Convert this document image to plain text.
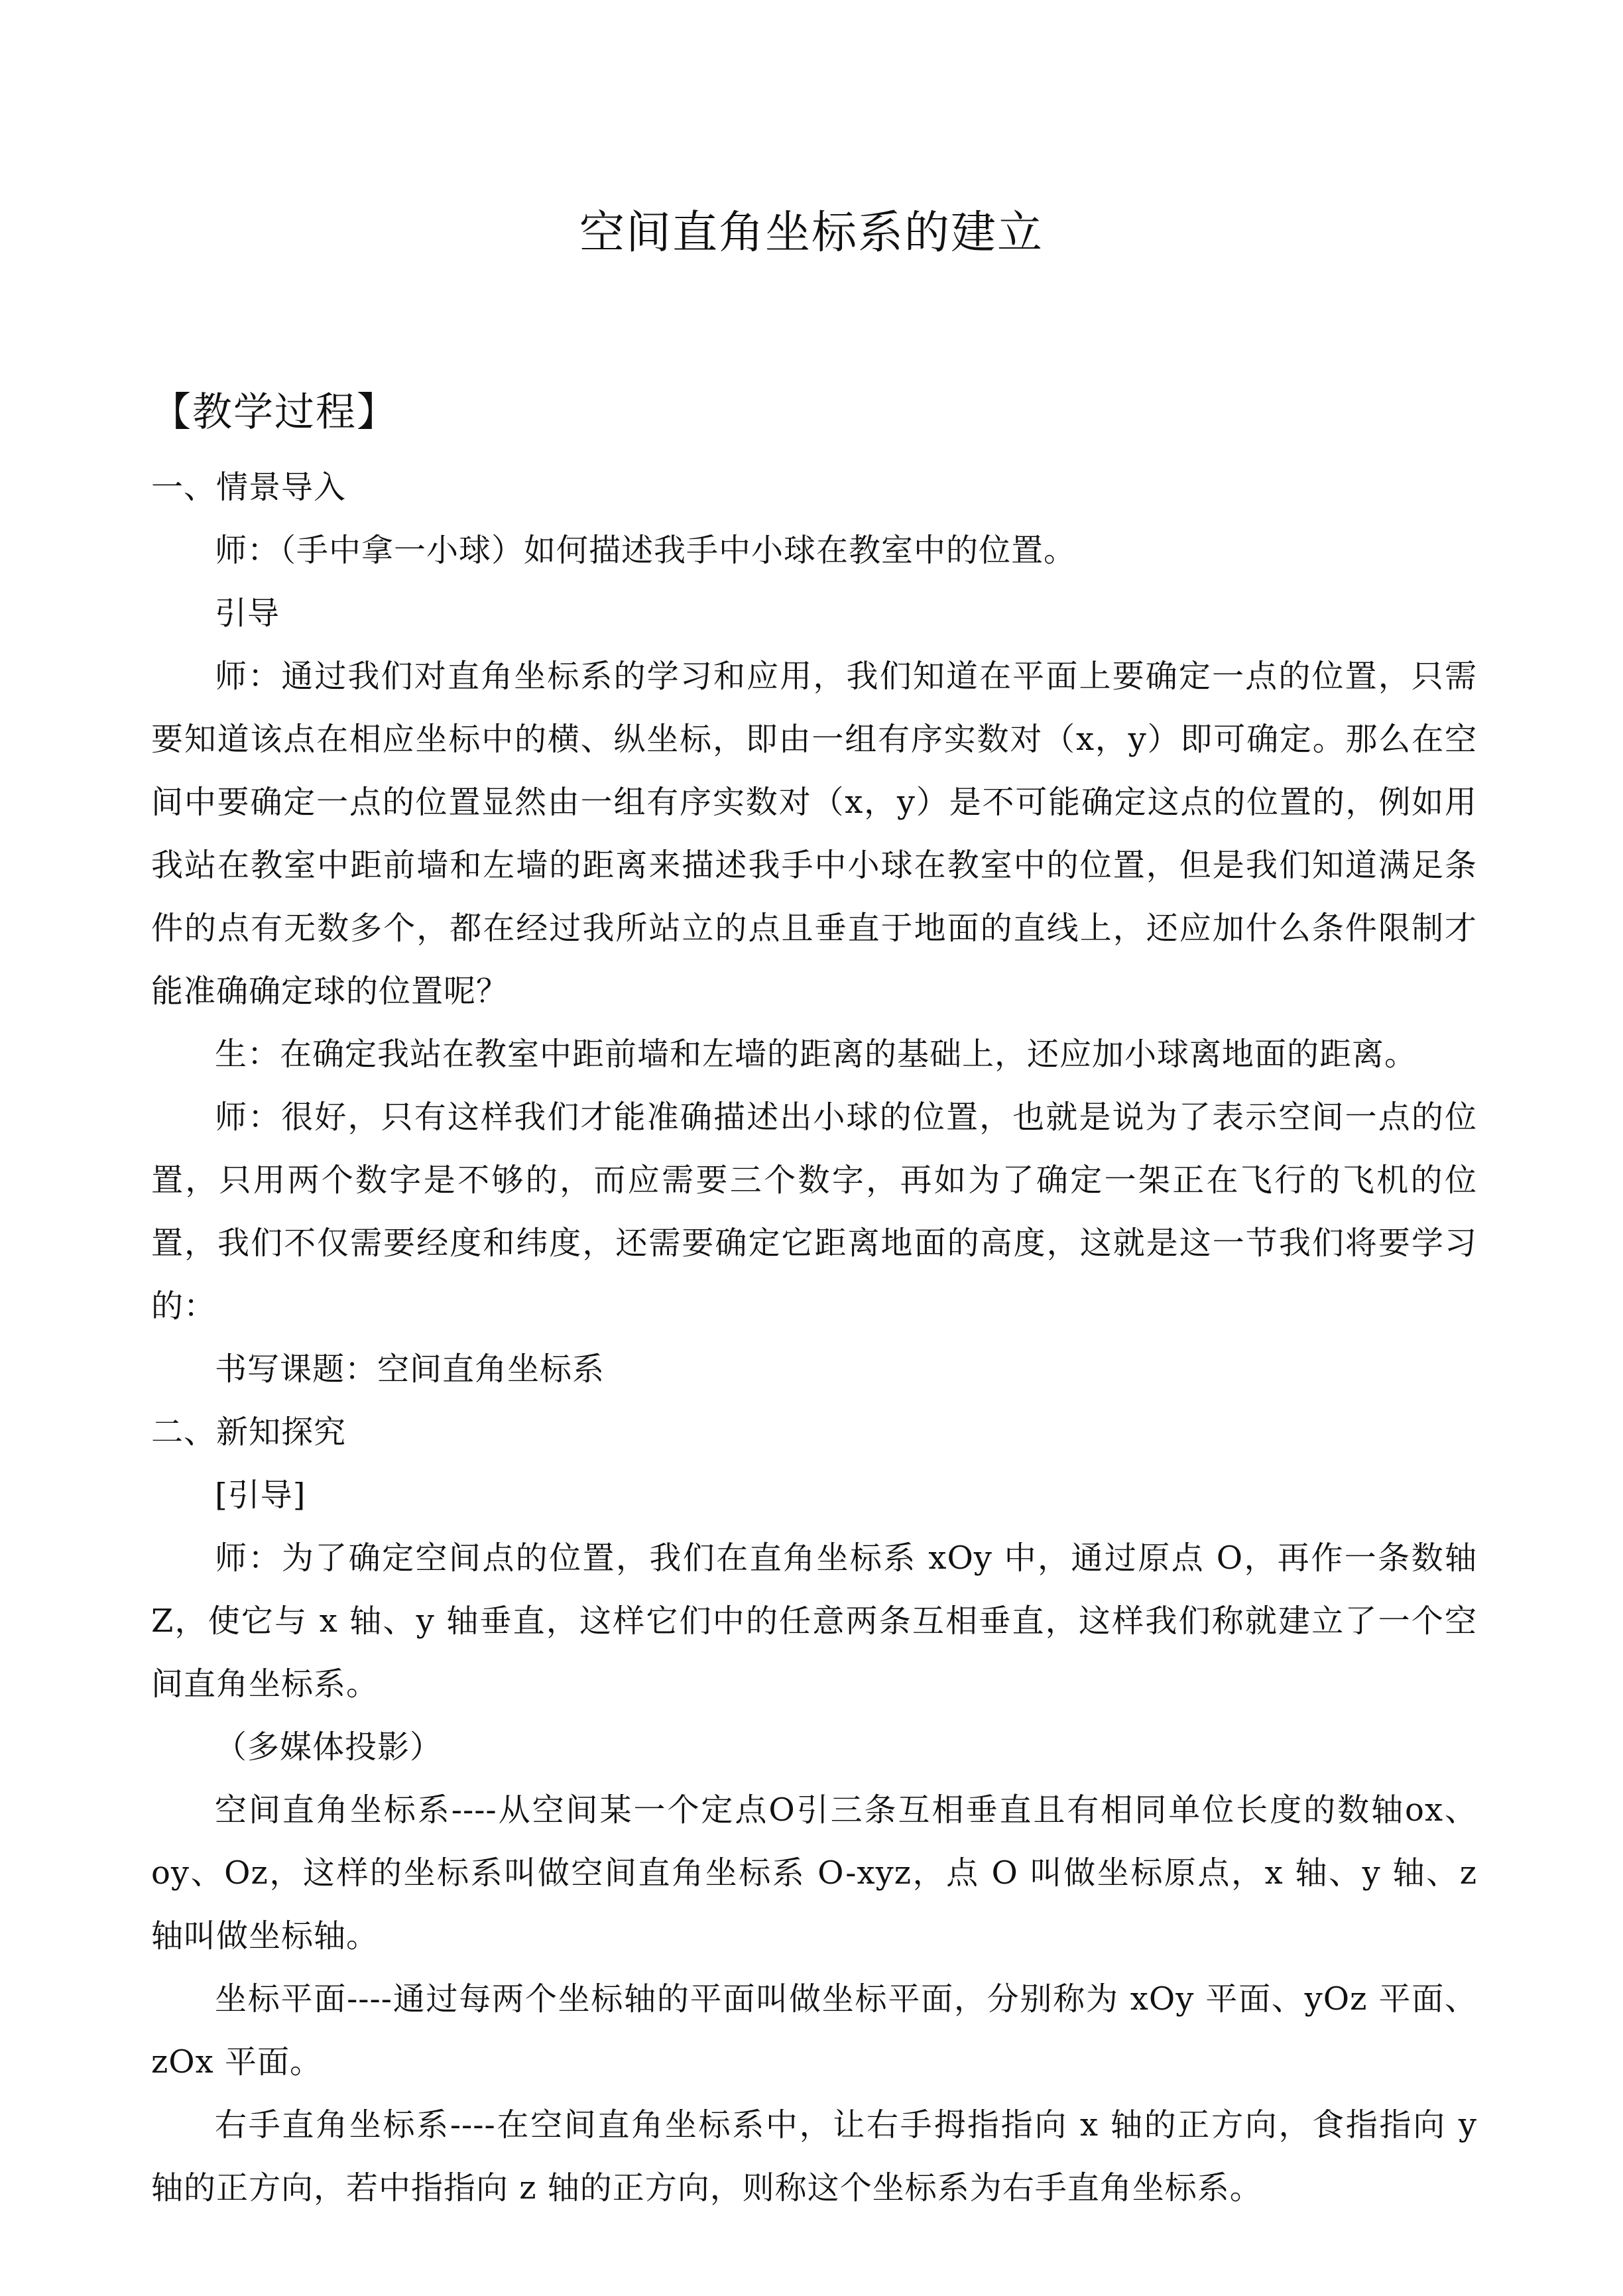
空间直角坐标系的建立
【教学过程】

一、情景导入

师：（手中拿一小球）如何描述我手中小球在教室中的位置。

引导

师：通过我们对直角坐标系的学习和应用，我们知道在平面上要确定一点的位置，只需要知道该点在相应坐标中的横、纵坐标，即由一组有序实数对（x，y）即可确定。那么在空间中要确定一点的位置显然由一组有序实数对（x，y）是不可能确定这点的位置的，例如用我站在教室中距前墙和左墙的距离来描述我手中小球在教室中的位置，但是我们知道满足条件的点有无数多个，都在经过我所站立的点且垂直于地面的直线上，还应加什么条件限制才能准确确定球的位置呢？

生：在确定我站在教室中距前墙和左墙的距离的基础上，还应加小球离地面的距离。

师：很好，只有这样我们才能准确描述出小球的位置，也就是说为了表示空间一点的位置，只用两个数字是不够的，而应需要三个数字，再如为了确定一架正在飞行的飞机的位置，我们不仅需要经度和纬度，还需要确定它距离地面的高度，这就是这一节我们将要学习的：

书写课题：空间直角坐标系

二、新知探究

[引导]

师：为了确定空间点的位置，我们在直角坐标系 xOy 中，通过原点 O，再作一条数轴 Z，使它与 x 轴、y 轴垂直，这样它们中的任意两条互相垂直，这样我们称就建立了一个空间直角坐标系。

（多媒体投影）

空间直角坐标系----从空间某一个定点O引三条互相垂直且有相同单位长度的数轴ox、oy、Oz，这样的坐标系叫做空间直角坐标系 O-xyz，点 O 叫做坐标原点，x 轴、y 轴、z 轴叫做坐标轴。

坐标平面----通过每两个坐标轴的平面叫做坐标平面，分别称为 xOy 平面、yOz 平面、zOx 平面。

右手直角坐标系----在空间直角坐标系中，让右手拇指指向 x 轴的正方向，食指指向 y 轴的正方向，若中指指向 z 轴的正方向，则称这个坐标系为右手直角坐标系。
